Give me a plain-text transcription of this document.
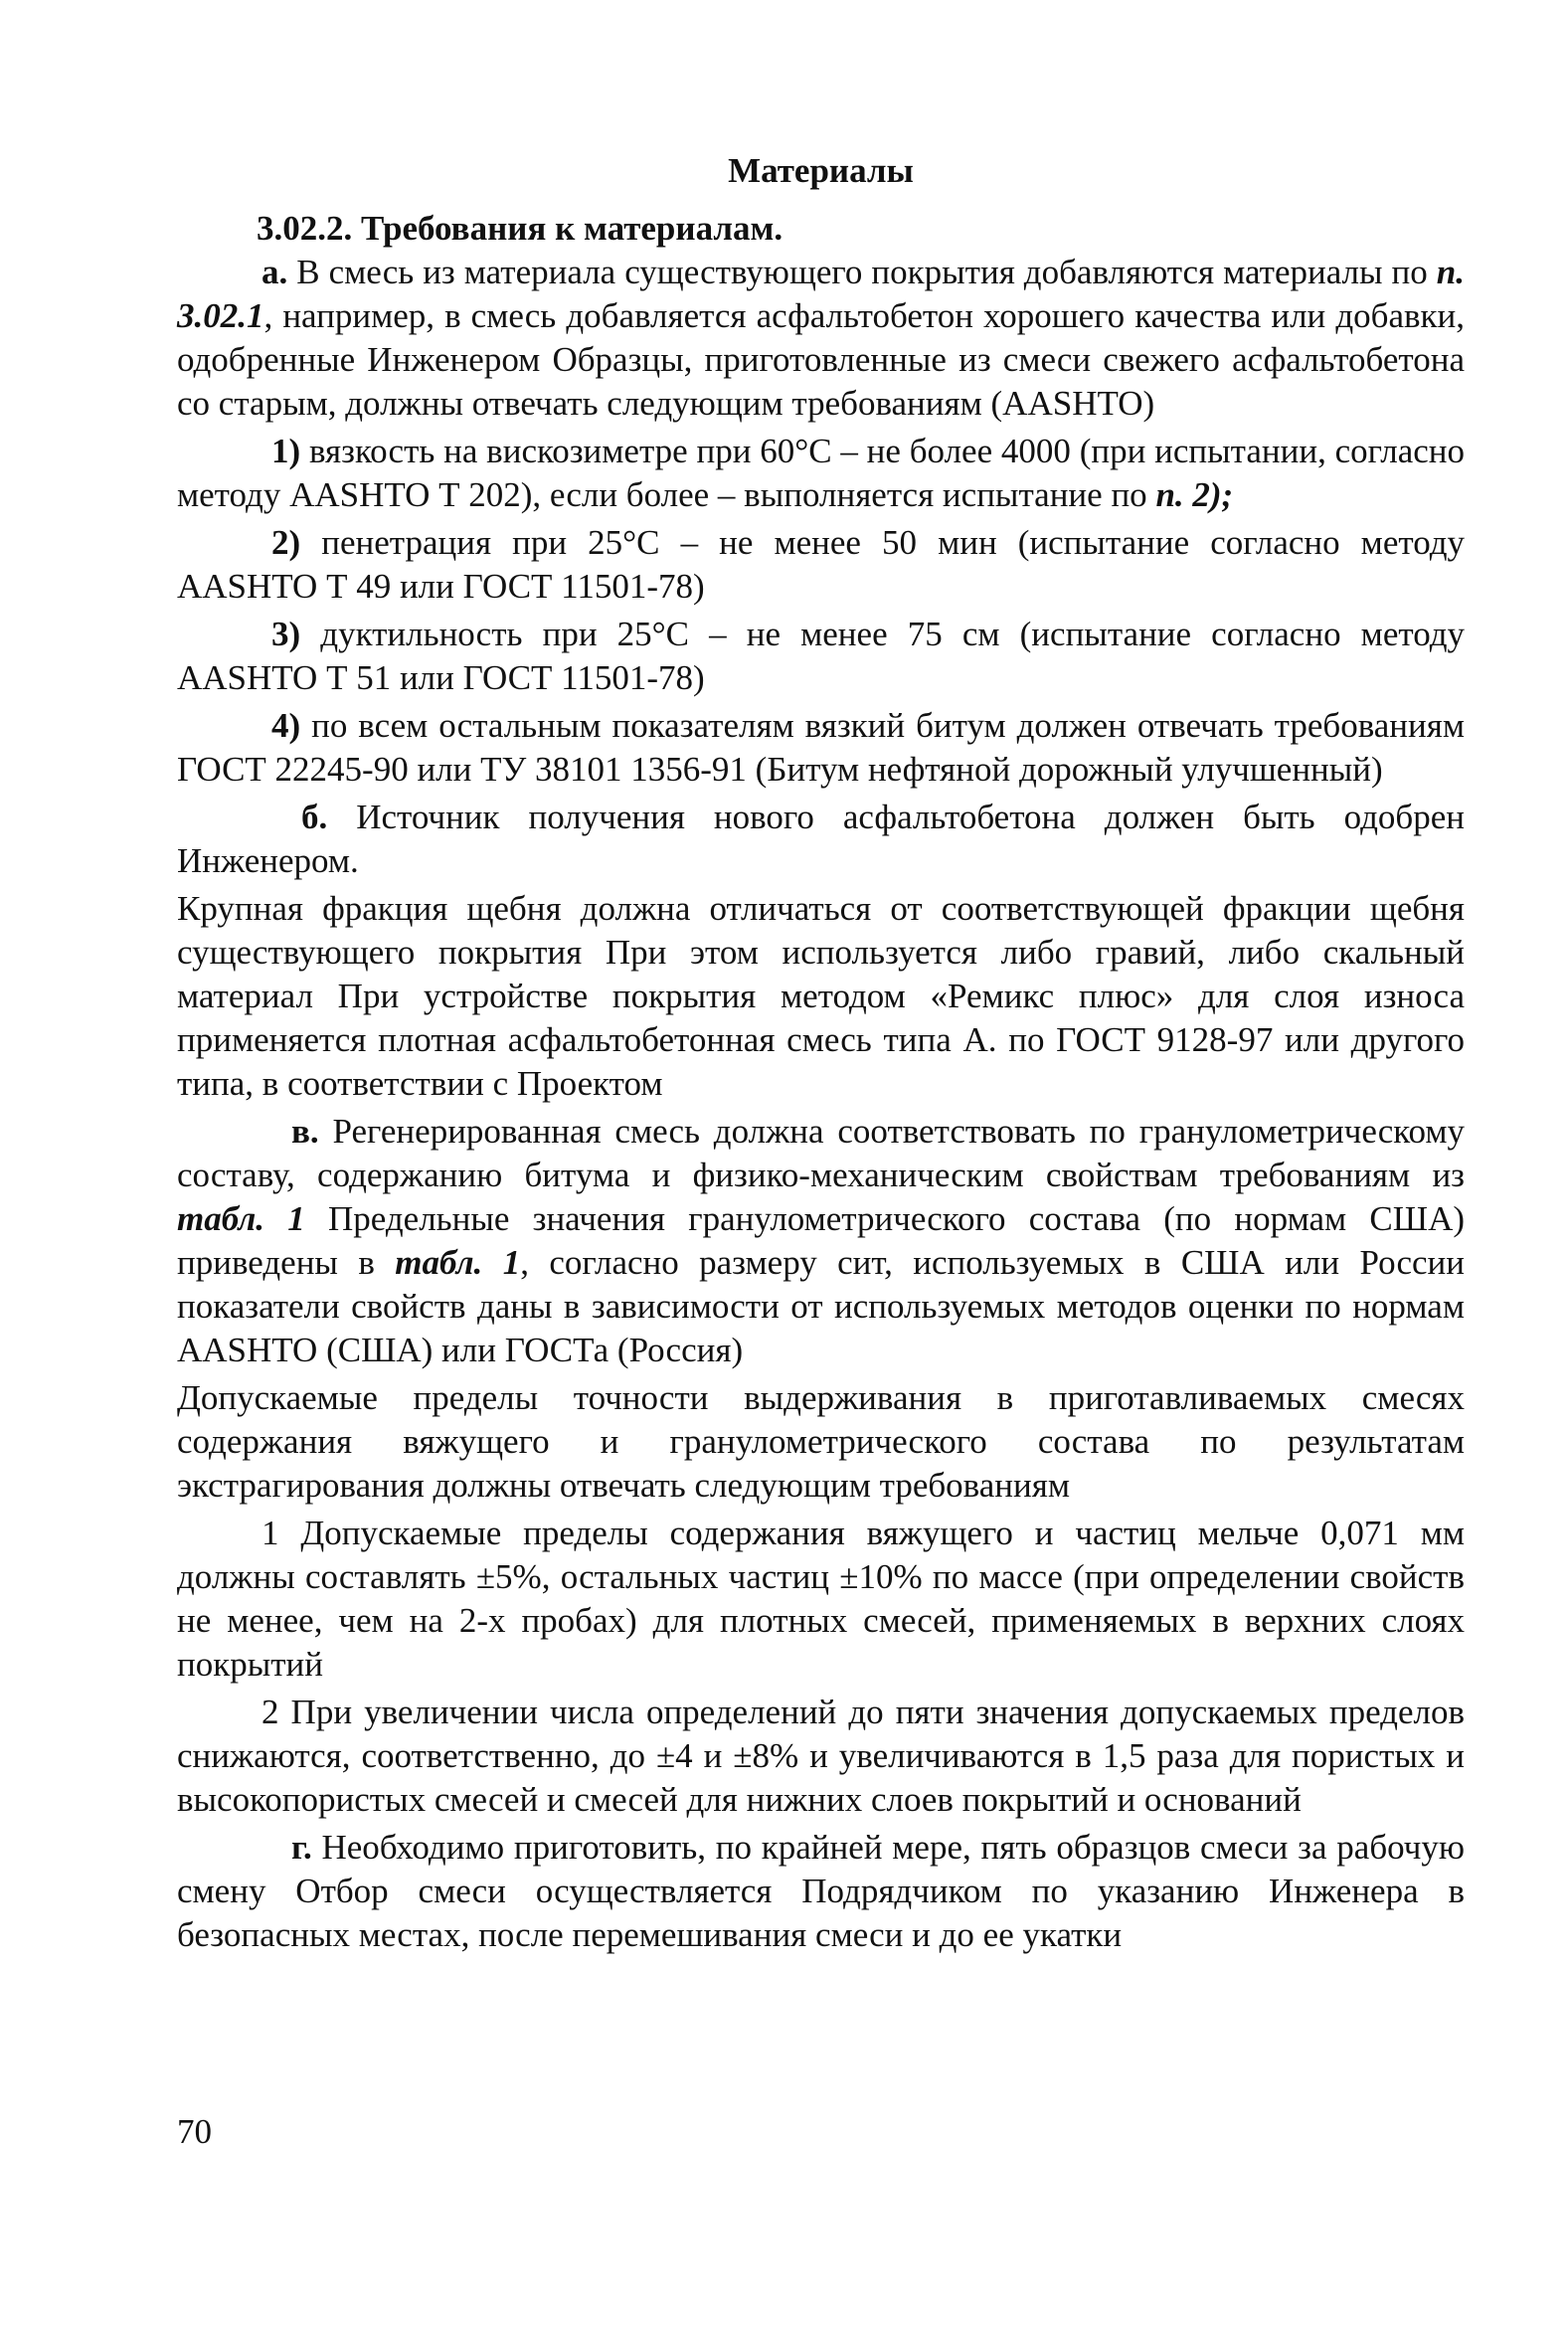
Материалы
3.02.2. Требования к материалам.

а. В смесь из материала существующего покрытия добавляются материалы по п. 3.02.1, например, в смесь добавляется асфальтобетон хорошего качества или добавки, одобренные Инженером Образцы, приготовленные из смеси свежего асфальтобетона со старым, должны отвечать следующим требованиям (AASHTO)

1) вязкость на вискозиметре при 60°С – не более 4000 (при испытании, согласно методу AASHTO Т 202), если более – выполняется испытание по п. 2);

2) пенетрация при 25°С – не менее 50 мин (испытание согласно методу AASHTO Т 49 или ГОСТ 11501-78)

3) дуктильность при 25°С – не менее 75 см (испытание согласно методу AASHTO Т 51 или ГОСТ 11501-78)

4) по всем остальным показателям вязкий битум должен отвечать требованиям ГОСТ 22245-90 или ТУ 38101 1356-91 (Битум нефтяной дорожный улучшенный)

б. Источник получения нового асфальтобетона должен быть одобрен Инженером.

Крупная фракция щебня должна отличаться от соответствующей фракции щебня существующего покрытия При этом используется либо гравий, либо скальный материал При устройстве покрытия методом «Ремикс плюс» для слоя износа применяется плотная асфальтобетонная смесь типа А. по ГОСТ 9128-97 или другого типа, в соответствии с Проектом

в. Регенерированная смесь должна соответствовать по гранулометрическому составу, содержанию битума и физико-механическим свойствам требованиям из табл. 1 Предельные значения гранулометрического состава (по нормам США) приведены в табл. 1, согласно размеру сит, используемых в США или России показатели свойств даны в зависимости от используемых методов оценки по нормам AASHTO (США) или ГОСТа (Россия)

Допускаемые пределы точности выдерживания в приготавливаемых смесях содержания вяжущего и гранулометрического состава по результатам экстрагирования должны отвечать следующим требованиям

1 Допускаемые пределы содержания вяжущего и частиц мельче 0,071 мм должны составлять ±5%, остальных частиц ±10% по массе (при определении свойств не менее, чем на 2-х пробах) для плотных смесей, применяемых в верхних слоях покрытий

2 При увеличении числа определений до пяти значения допускаемых пределов снижаются, соответственно, до ±4 и ±8% и увеличиваются в 1,5 раза для пористых и высокопористых смесей и смесей для нижних слоев покрытий и оснований

г. Необходимо приготовить, по крайней мере, пять образцов смеси за рабочую смену Отбор смеси осуществляется Подрядчиком по указанию Инженера в безопасных местах, после перемешивания смеси и до ее укатки

70
